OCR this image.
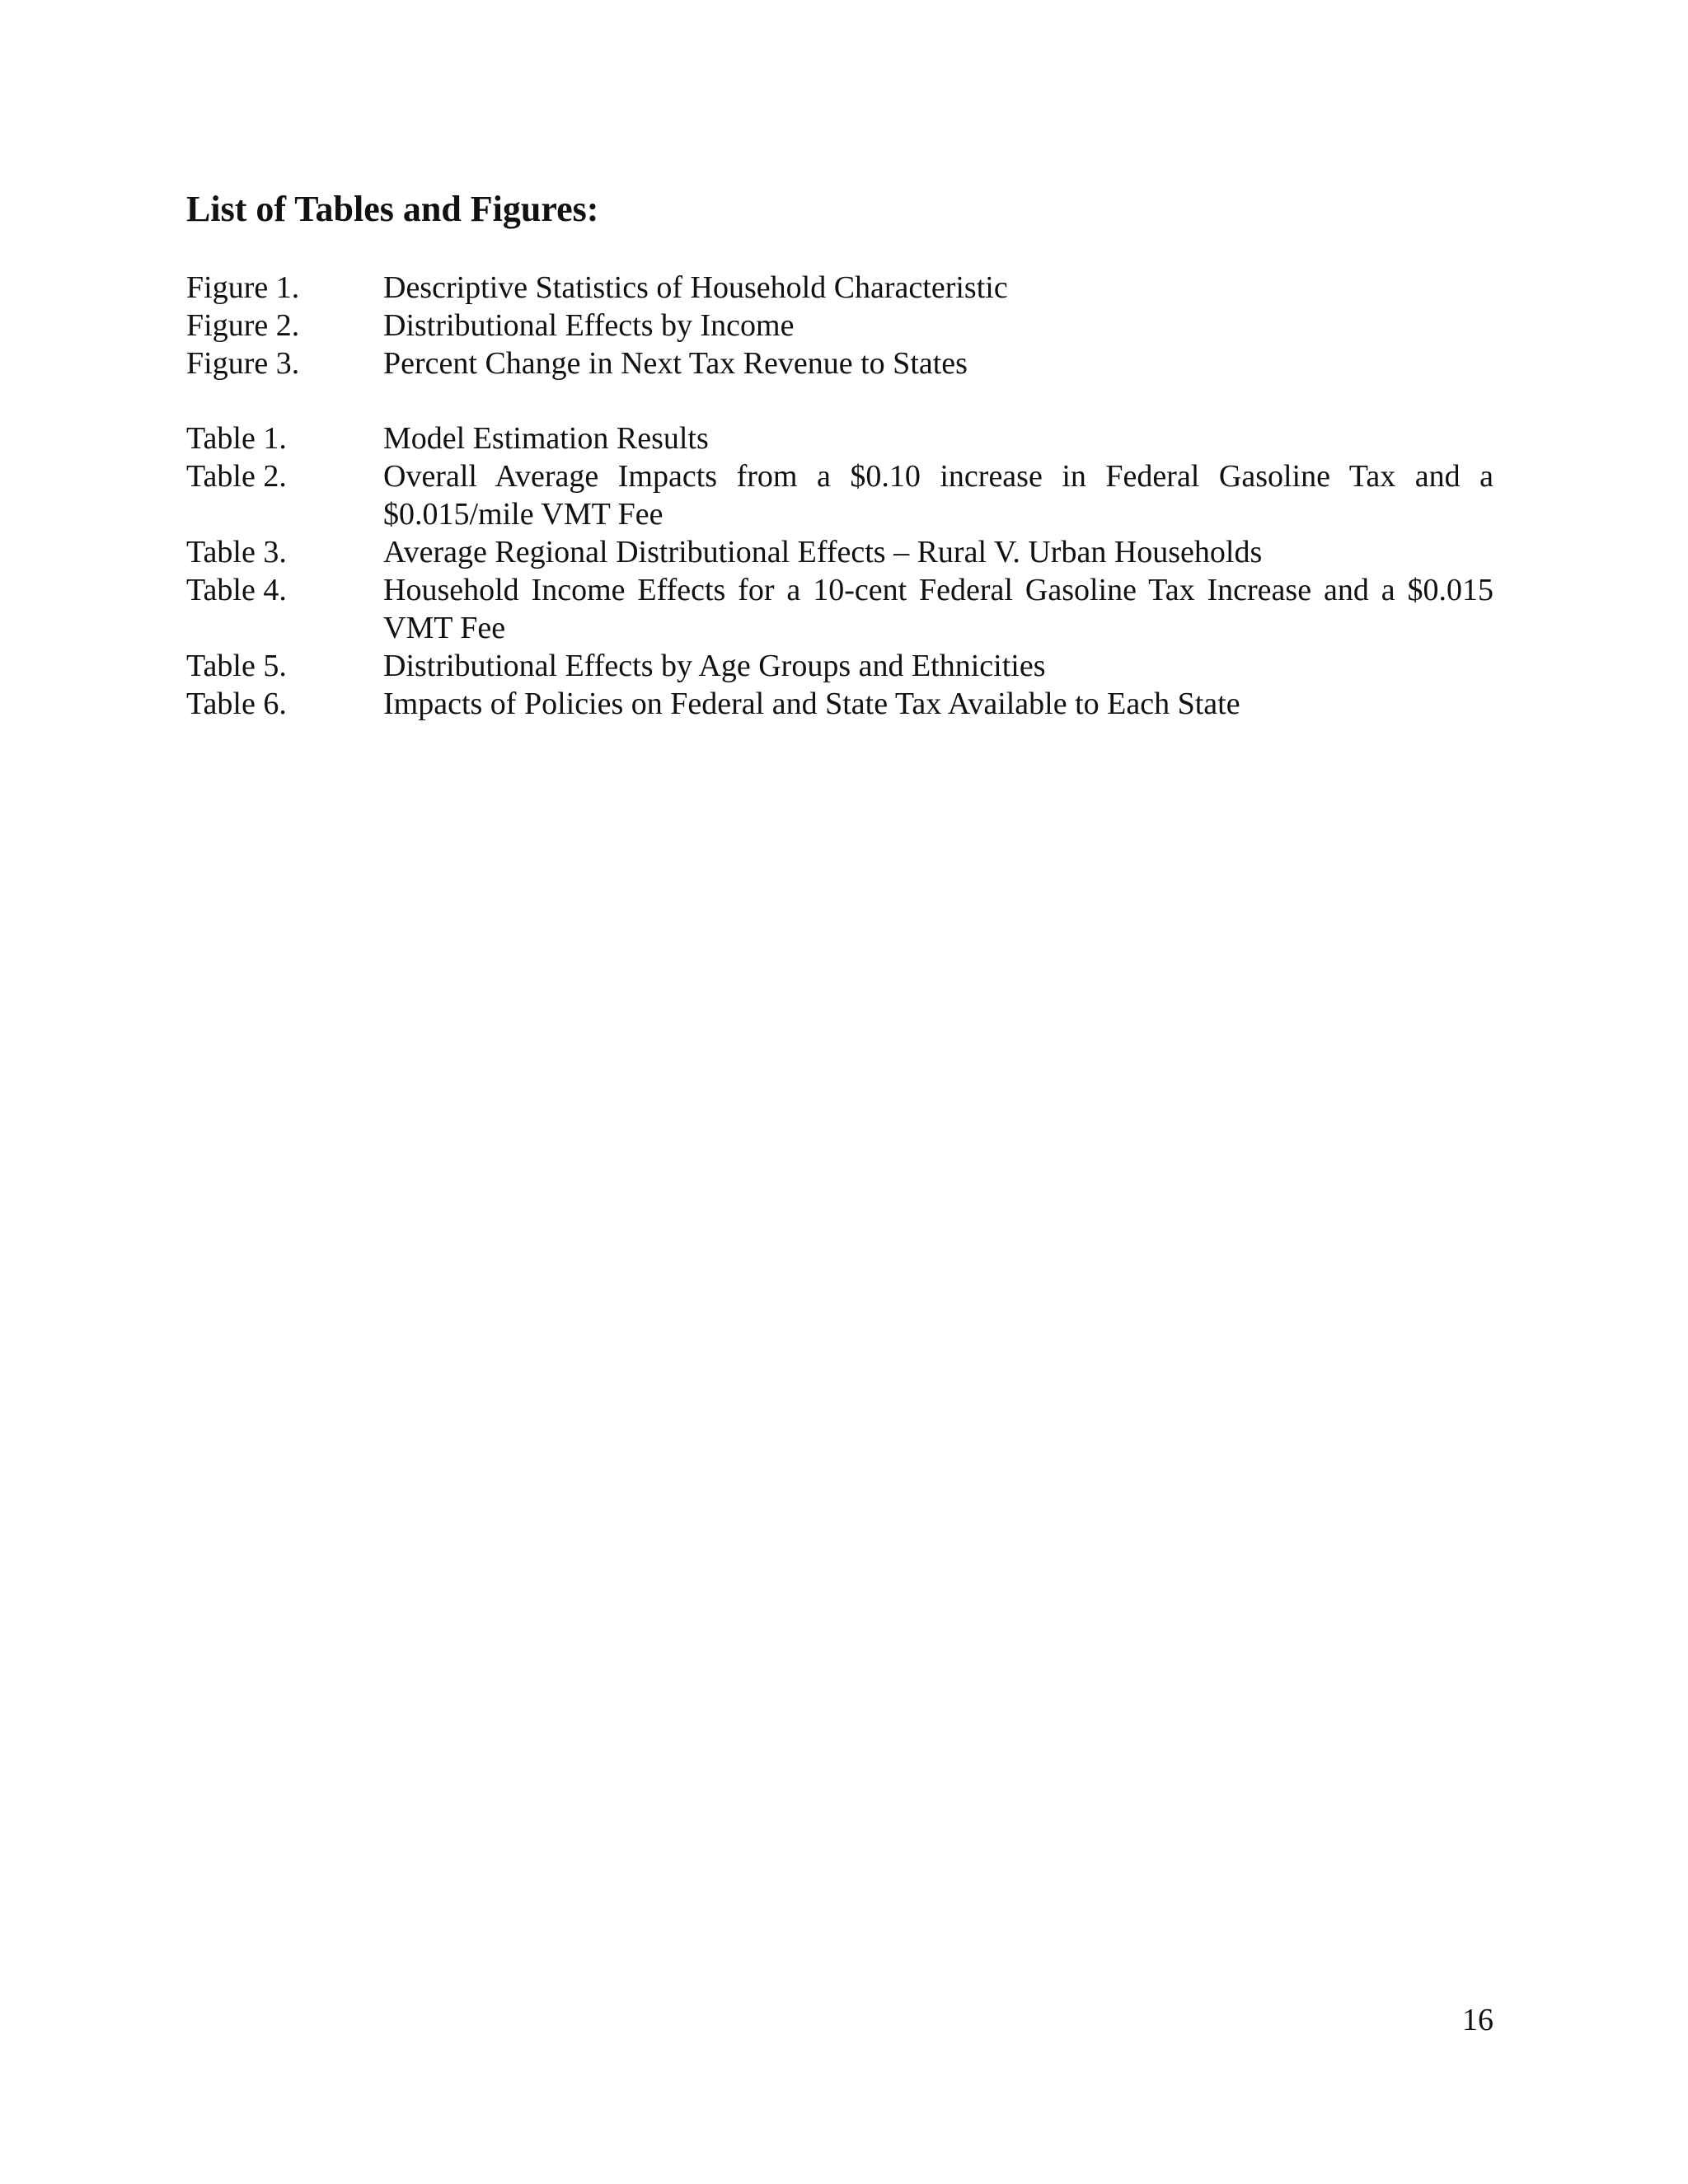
List of Tables and Figures:
Figure 1.	Descriptive Statistics of Household Characteristic
Figure 2.	Distributional Effects by Income
Figure 3.	Percent Change in Next Tax Revenue to States
Table 1.	Model Estimation Results
Table 2.	Overall Average Impacts from a $0.10 increase in Federal Gasoline Tax and a $0.015/mile VMT Fee
Table 3.	Average Regional Distributional Effects – Rural V. Urban Households
Table 4.	Household Income Effects for a 10-cent Federal Gasoline Tax Increase and a $0.015 VMT Fee
Table 5.	Distributional Effects by Age Groups and Ethnicities
Table 6.	Impacts of Policies on Federal and State Tax Available to Each State
16
